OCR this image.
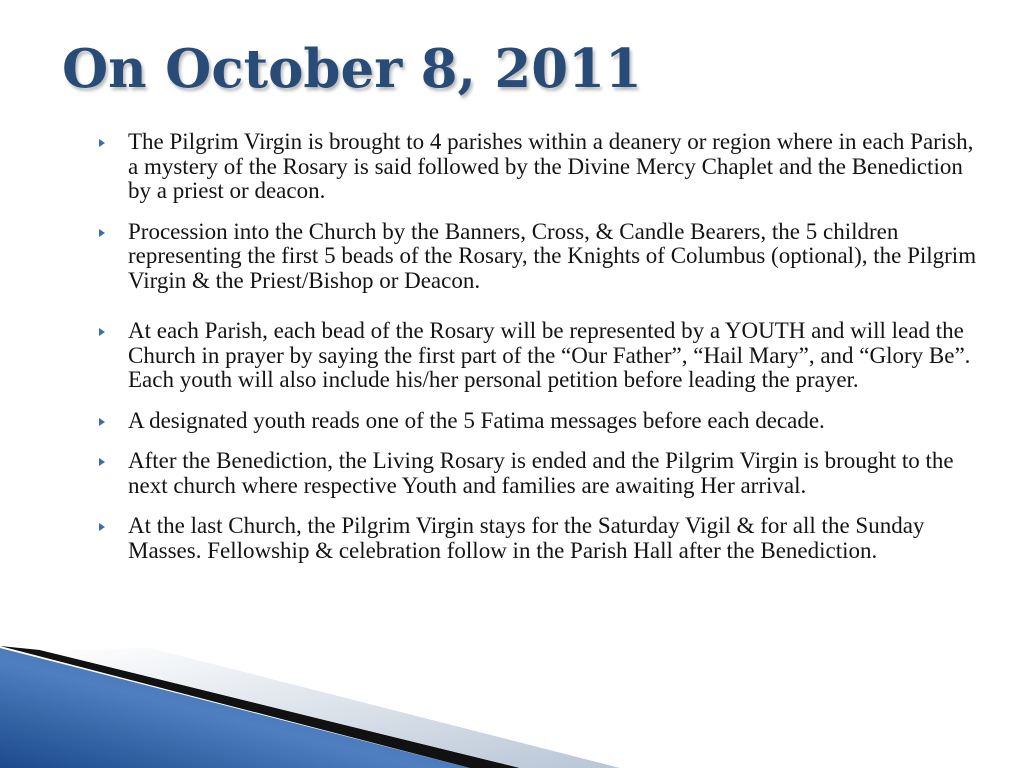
On October 8, 2011
The Pilgrim Virgin is brought to 4 parishes within a deanery or region where in each Parish, a mystery of the Rosary is said followed by the Divine Mercy Chaplet and the Benediction by a priest or deacon.
Procession into the Church by the Banners, Cross, & Candle Bearers, the 5 children representing the first 5 beads of the Rosary, the Knights of Columbus (optional), the Pilgrim Virgin & the Priest/Bishop or Deacon.
At each Parish, each bead of the Rosary will be represented by a YOUTH and will lead the Church in prayer by saying the first part of the “Our Father”, “Hail Mary”, and “Glory Be”. Each youth will also include his/her personal petition before leading the prayer.
A designated youth reads one of the 5 Fatima messages before each decade.
After the Benediction, the Living Rosary is ended and the Pilgrim Virgin is brought to the next church where respective Youth and families are awaiting Her arrival.
At the last Church, the Pilgrim Virgin stays for the Saturday Vigil & for all the Sunday Masses. Fellowship & celebration follow in the Parish Hall after the Benediction.
